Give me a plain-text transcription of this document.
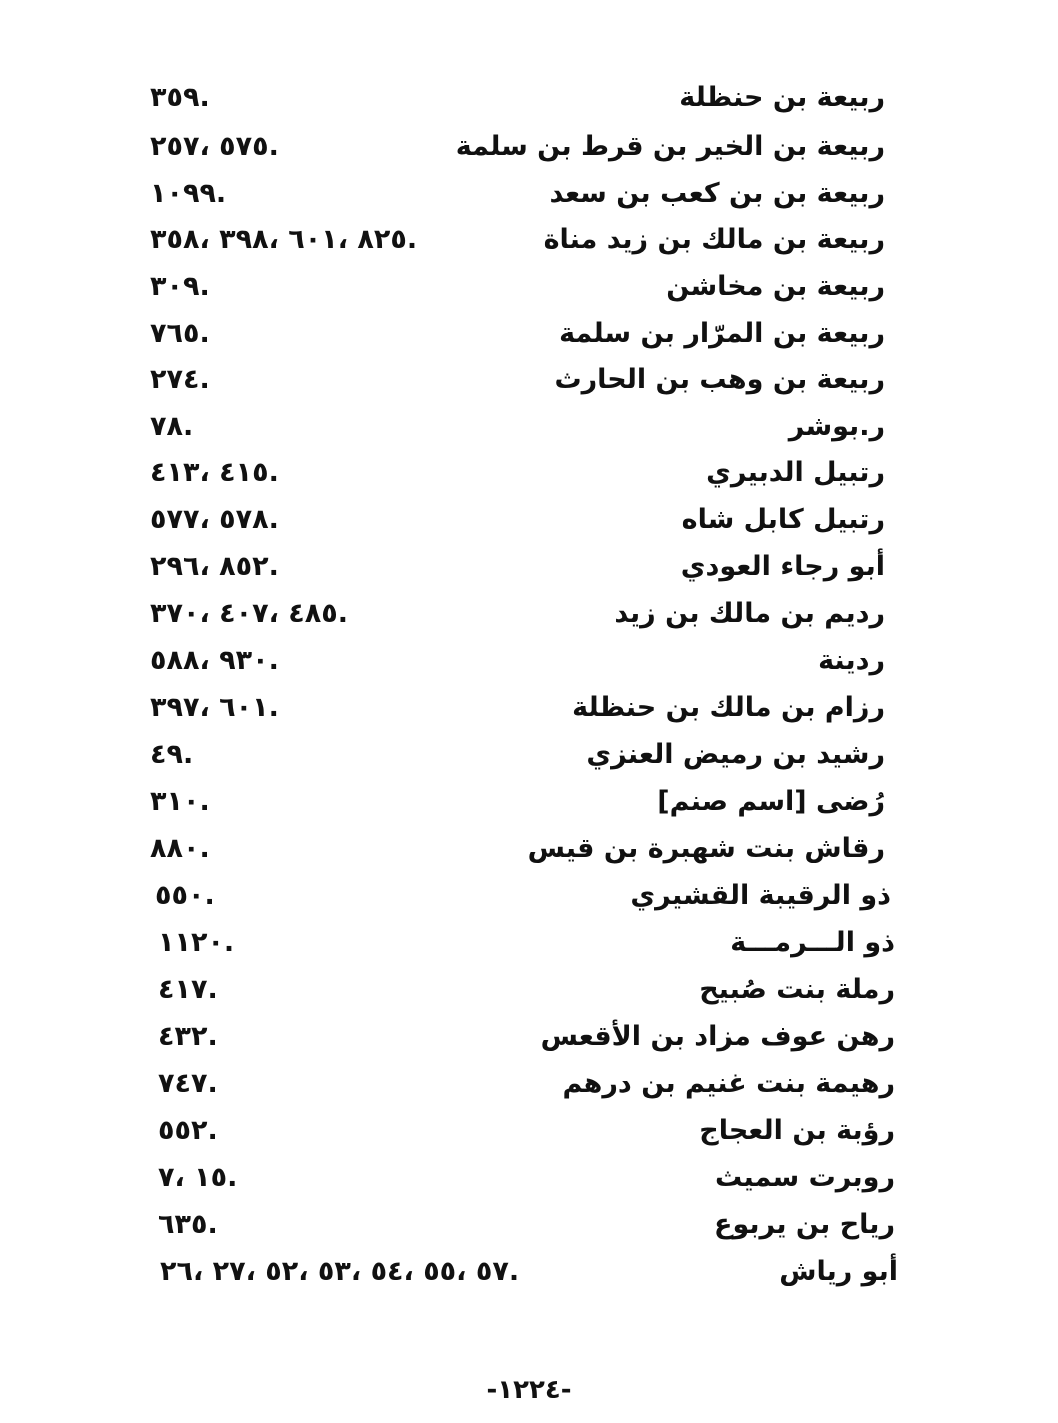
ربيعة بن حنظلة
.٣٥٩
ربيعة بن الخير بن قرط بن سلمة
.٥٧٥ ،٢٥٧
ربيعة بن بن كعب بن سعد
.١٠٩٩
ربيعة بن مالك بن زيد مناة
.٨٢٥ ،٦٠١ ،٣٩٨ ،٣٥٨
ربيعة بن مخاشن
.٣٠٩
ربيعة بن المرّار بن سلمة
.٧٦٥
ربيعة بن وهب بن الحارث
.٢٧٤
ر.بوشر
.٧٨
رتبيل الدبيري
.٤١٥ ،٤١٣
رتبيل كابل شاه
.٥٧٨ ،٥٧٧
أبو رجاء العودي
.٨٥٢ ،٢٩٦
رديم بن مالك بن زيد
.٤٨٥ ،٤٠٧ ،٣٧٠
ردينة
.٩٣٠ ،٥٨٨
رزام بن مالك بن حنظلة
.٦٠١ ،٣٩٧
رشيد بن رميض العنزي
.٤٩
رُضى [اسم صنم]
.٣١٠
رقاش بنت شهبرة بن قيس
.٨٨٠
ذو الرقيبة القشيري
.٥٥٠
ذو الـــرمـــة
.١١٢٠
رملة بنت صُبيح
.٤١٧
رهن عوف مزاد بن الأقعس
.٤٣٢
رهيمة بنت غنيم بن درهم
.٧٤٧
رؤبة بن العجاج
.٥٥٢
روبرت سميث
.١٥ ،٧
رياح بن يربوع
.٦٣٥
أبو رياش
.٥٧ ،٥٥ ،٥٤ ،٥٣ ،٥٢ ،٢٧ ،٢٦
-١٢٢٤-
